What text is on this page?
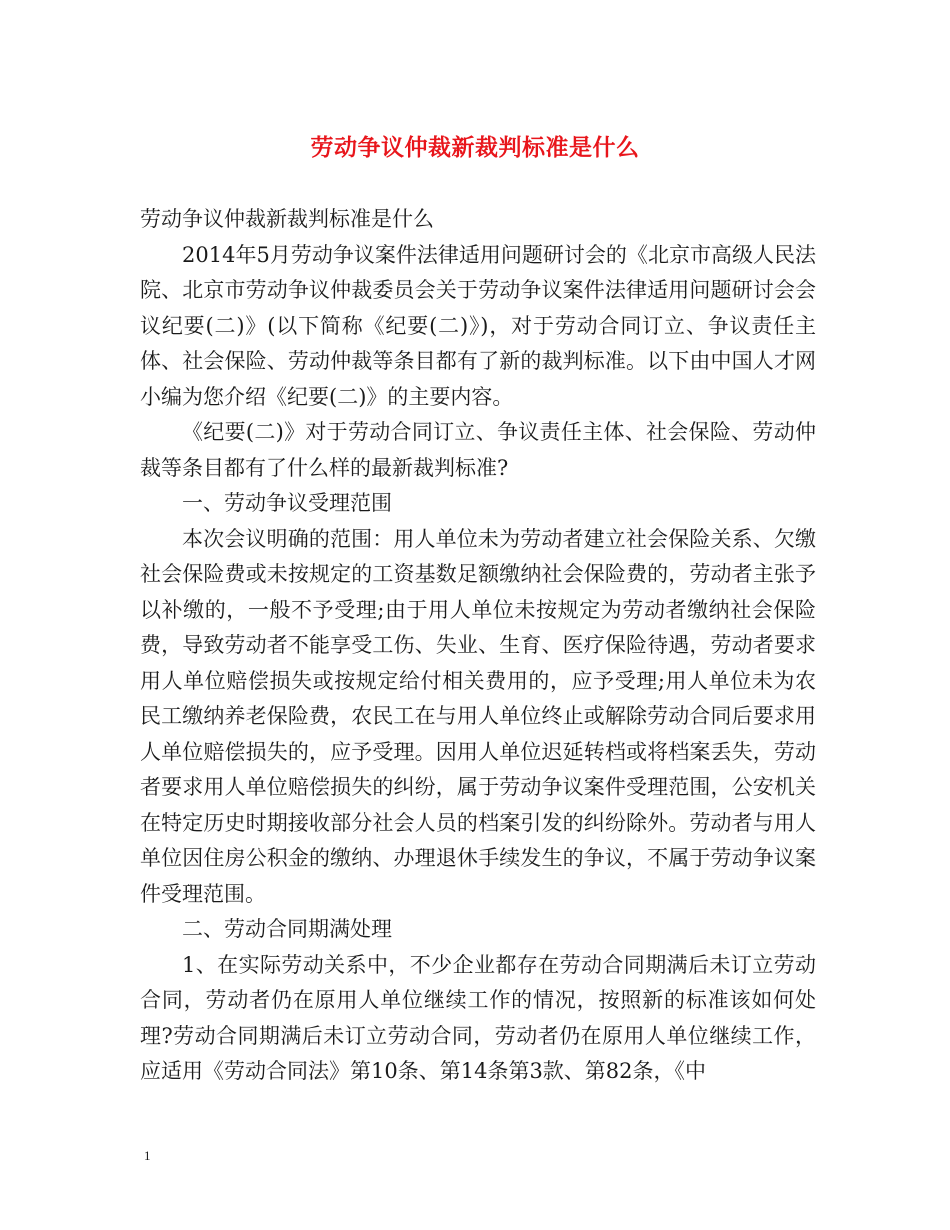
劳动争议仲裁新裁判标准是什么

劳动争议仲裁新裁判标准是什么

2014年5月劳动争议案件法律适用问题研讨会的《北京市高级人民法院、北京市劳动争议仲裁委员会关于劳动争议案件法律适用问题研讨会会议纪要(二)》(以下简称《纪要(二)》)，对于劳动合同订立、争议责任主体、社会保险、劳动仲裁等条目都有了新的裁判标准。以下由中国人才网小编为您介绍《纪要(二)》的主要内容。

《纪要(二)》对于劳动合同订立、争议责任主体、社会保险、劳动仲裁等条目都有了什么样的最新裁判标准?

一、劳动争议受理范围

本次会议明确的范围：用人单位未为劳动者建立社会保险关系、欠缴社会保险费或未按规定的工资基数足额缴纳社会保险费的，劳动者主张予以补缴的，一般不予受理;由于用人单位未按规定为劳动者缴纳社会保险费，导致劳动者不能享受工伤、失业、生育、医疗保险待遇，劳动者要求用人单位赔偿损失或按规定给付相关费用的，应予受理;用人单位未为农民工缴纳养老保险费，农民工在与用人单位终止或解除劳动合同后要求用人单位赔偿损失的，应予受理。因用人单位迟延转档或将档案丢失，劳动者要求用人单位赔偿损失的纠纷，属于劳动争议案件受理范围，公安机关在特定历史时期接收部分社会人员的档案引发的纠纷除外。劳动者与用人单位因住房公积金的缴纳、办理退休手续发生的争议，不属于劳动争议案件受理范围。

二、劳动合同期满处理

1、在实际劳动关系中，不少企业都存在劳动合同期满后未订立劳动合同，劳动者仍在原用人单位继续工作的情况，按照新的标准该如何处理?劳动合同期满后未订立劳动合同，劳动者仍在原用人单位继续工作，应适用《劳动合同法》第10条、第14条第3款、第82条，《中

1
